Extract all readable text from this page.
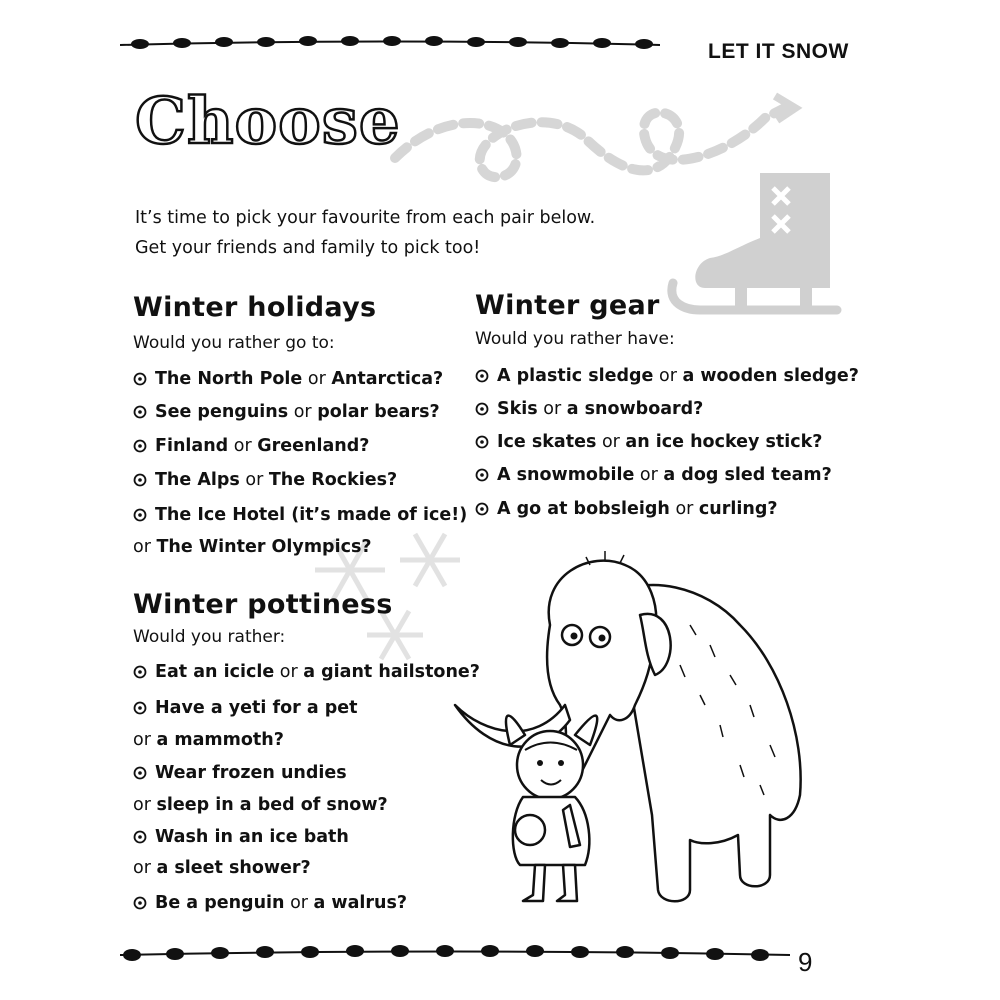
LET IT SNOW
Choose
It’s time to pick your favourite from each pair below.
Get your friends and family to pick too!
Winter holidays
Would you rather go to:
The North Pole or Antarctica?
See penguins or polar bears?
Finland or Greenland?
The Alps or The Rockies?
The Ice Hotel (it’s made of ice!)
or The Winter Olympics?
Winter gear
Would you rather have:
A plastic sledge or a wooden sledge?
Skis or a snowboard?
Ice skates or an ice hockey stick?
A snowmobile or a dog sled team?
A go at bobsleigh or curling?
Winter pottiness
Would you rather:
Eat an icicle or a giant hailstone?
Have a yeti for a pet
or a mammoth?
Wear frozen undies
or sleep in a bed of snow?
Wash in an ice bath
or a sleet shower?
Be a penguin or a walrus?
9
